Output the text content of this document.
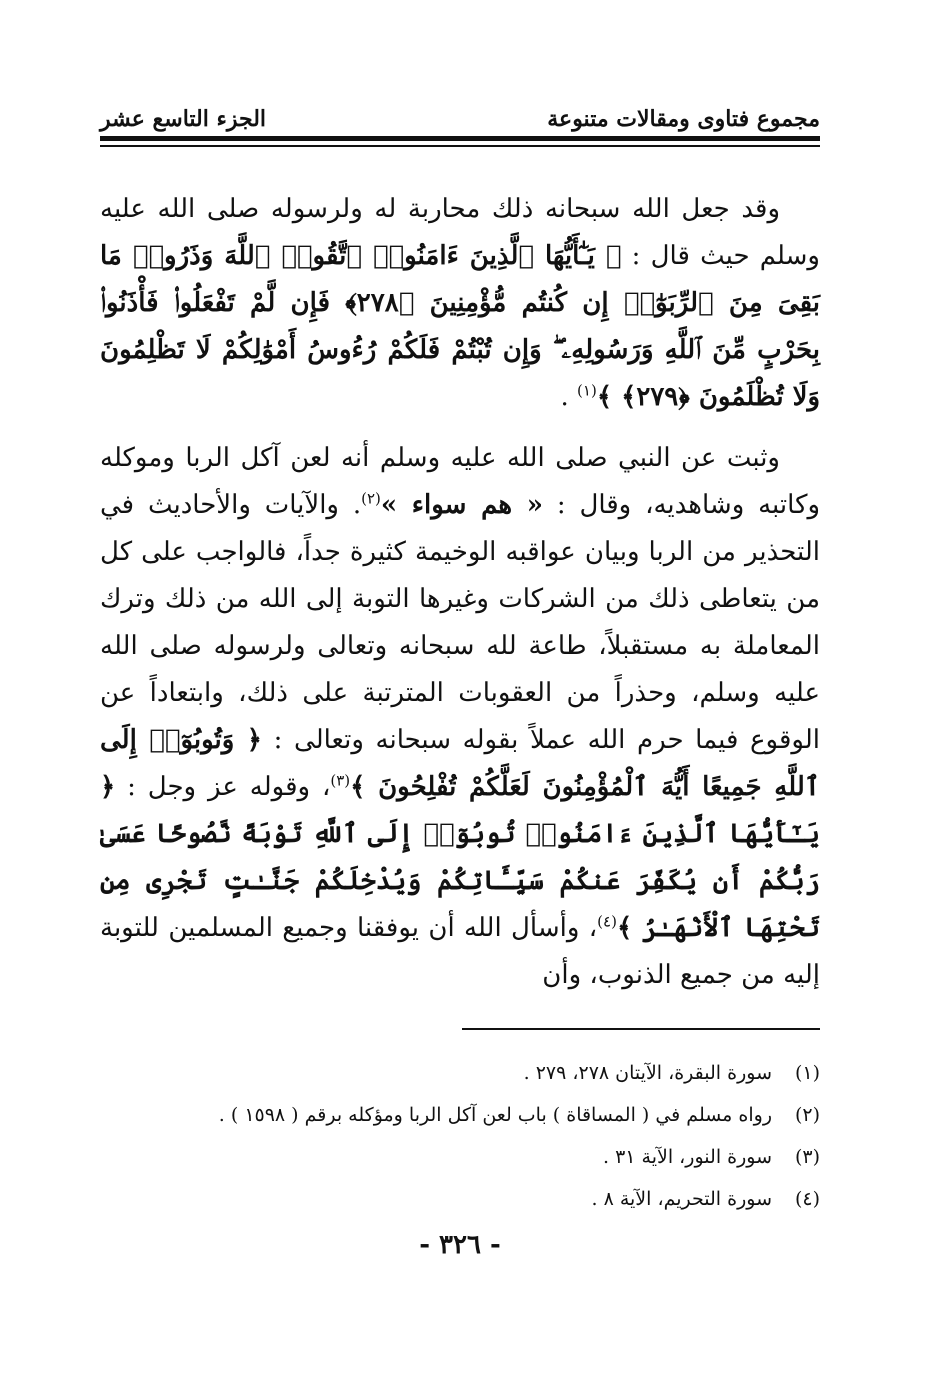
مجموع فتاوى ومقالات متنوعة
الجزء التاسع عشر

وقد جعل الله سبحانه ذلك محاربة له ولرسوله صلى الله عليه وسلم حيث قال : ﴿ يَـٰٓأَيُّهَا ٱلَّذِينَ ءَامَنُوا۟ ٱتَّقُوا۟ ٱللَّهَ وَذَرُوا۟ مَا بَقِىَ مِنَ ٱلرِّبَوٰٓا۟ إِن كُنتُم مُّؤْمِنِينَ ﴿٢٧٨﴾ فَإِن لَّمْ تَفْعَلُوا۟ فَأْذَنُوا۟ بِحَرْبٍ مِّنَ ٱللَّهِ وَرَسُولِهِۦ ۖ وَإِن تُبْتُمْ فَلَكُمْ رُءُوسُ أَمْوَٰلِكُمْ لَا تَظْلِمُونَ وَلَا تُظْلَمُونَ ﴿٢٧٩﴾ ﴾$^{(١)}$ .

وثبت عن النبي صلى الله عليه وسلم أنه لعن آكل الربا وموكله وكاتبه وشاهديه، وقال : « هم سواء »$^{(٢)}$. والآيات والأحاديث في التحذير من الربا وبيان عواقبه الوخيمة كثيرة جداً، فالواجب على كل من يتعاطى ذلك من الشركات وغيرها التوبة إلى الله من ذلك وترك المعاملة به مستقبلاً، طاعة لله سبحانه وتعالى ولرسوله صلى الله عليه وسلم، وحذراً من العقوبات المترتبة على ذلك، وابتعاداً عن الوقوع فيما حرم الله عملاً بقوله سبحانه وتعالى : ﴿ وَتُوبُوٓا۟ إِلَى ٱللَّهِ جَمِيعًا أَيُّهَ ٱلْمُؤْمِنُونَ لَعَلَّكُمْ تُفْلِحُونَ ﴾$^{(٣)}$، وقوله عز وجل : ﴿ يَـٰٓأَيُّهَا ٱلَّذِينَ ءَامَنُوا۟ تُوبُوٓا۟ إِلَى ٱللَّهِ تَوْبَةً نَّصُوحًا عَسَىٰ رَبُّكُمْ أَن يُكَفِّرَ عَنكُمْ سَيِّـَٔاتِكُمْ وَيُدْخِلَكُمْ جَنَّـٰتٍ تَجْرِى مِن تَحْتِهَا ٱلْأَنْهَـٰرُ ﴾$^{(٤)}$، وأسأل الله أن يوفقنا وجميع المسلمين للتوبة إليه من جميع الذنوب، وأن

(١)
سورة البقرة، الآيتان ٢٧٨، ٢٧٩ .
(٢)
رواه مسلم في ( المساقاة ) باب لعن آكل الربا ومؤكله برقم ( ١٥٩٨ ) .
(٣)
سورة النور، الآية ٣١ .
(٤)
سورة التحريم، الآية ٨ .
- ٣٢٦ -
